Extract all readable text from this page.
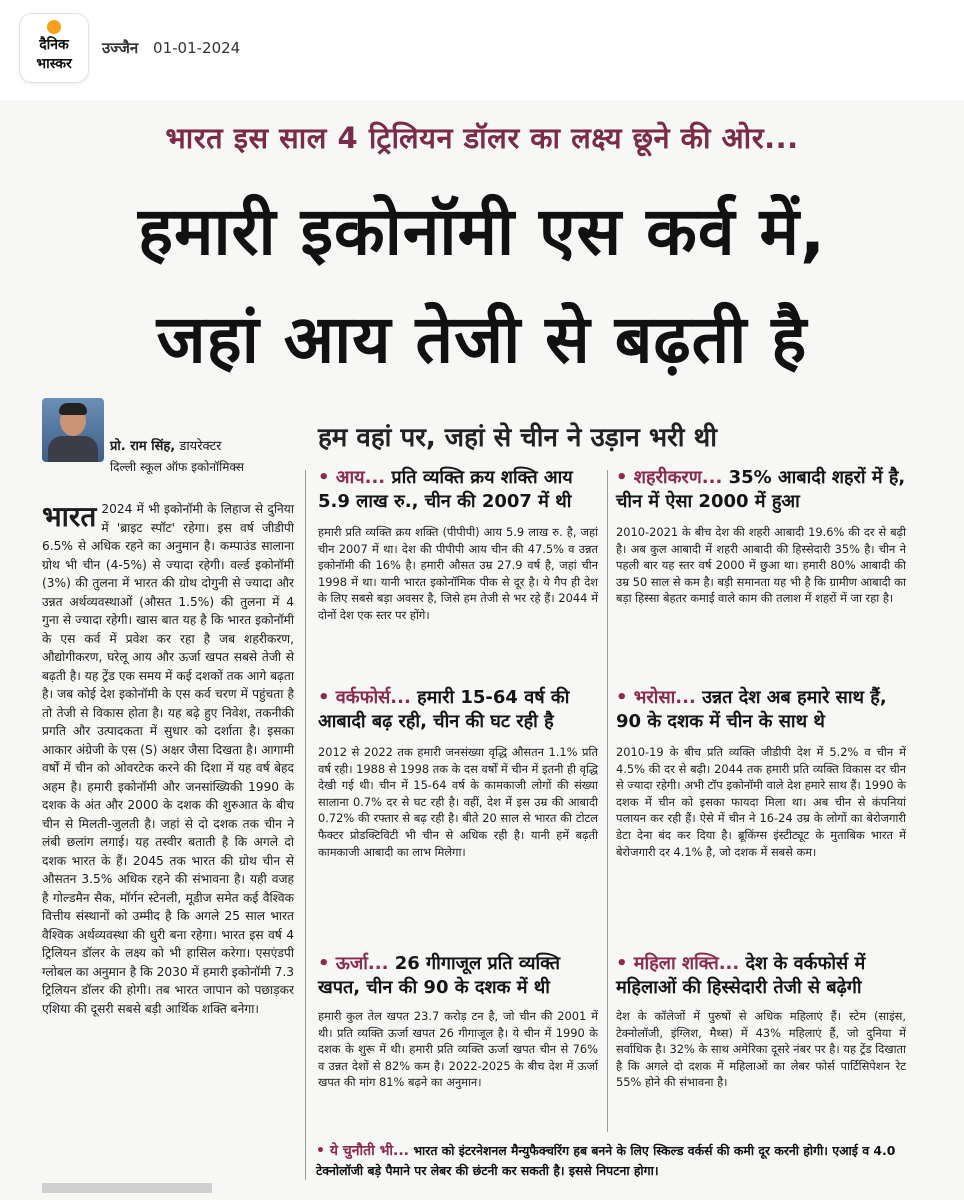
दैनिक
भास्कर
उज्जैन 01-01-2024
भारत इस साल 4 ट्रिलियन डॉलर का लक्ष्य छूने की ओर...
हमारी इकोनॉमी एस कर्व में,
जहां आय तेजी से बढ़ती है
प्रो. राम सिंह, डायरेक्टर
दिल्ली स्कूल ऑफ इकोनॉमिक्स
हम वहां पर, जहां से चीन ने उड़ान भरी थी
भारत 2024 में भी इकोनॉमी के लिहाज से दुनिया में 'ब्राइट स्पॉट' रहेगा। इस वर्ष जीडीपी 6.5% से अधिक रहने का अनुमान है। कम्पाउंड सालाना ग्रोथ भी चीन (4-5%) से ज्यादा रहेगी। वर्ल्ड इकोनॉमी (3%) की तुलना में भारत की ग्रोथ दोगुनी से ज्यादा और उन्नत अर्थव्यवस्थाओं (औसत 1.5%) की तुलना में 4 गुना से ज्यादा रहेगी। खास बात यह है कि भारत इकोनॉमी के एस कर्व में प्रवेश कर रहा है जब शहरीकरण, औद्योगीकरण, घरेलू आय और ऊर्जा खपत सबसे तेजी से बढ़ती है। यह ट्रेंड एक समय में कई दशकों तक आगे बढ़ता है। जब कोई देश इकोनॉमी के एस कर्व चरण में पहुंचता है तो तेजी से विकास होता है। यह बढ़े हुए निवेश, तकनीकी प्रगति और उत्पादकता में सुधार को दर्शाता है। इसका आकार अंग्रेजी के एस (S) अक्षर जैसा दिखता है। आगामी वर्षों में चीन को ओवरटेक करने की दिशा में यह वर्ष बेहद अहम है। हमारी इकोनॉमी और जनसांख्यिकी 1990 के दशक के अंत और 2000 के दशक की शुरुआत के बीच चीन से मिलती-जुलती है। जहां से दो दशक तक चीन ने लंबी छलांग लगाई। यह तस्वीर बताती है कि अगले दो दशक भारत के हैं। 2045 तक भारत की ग्रोथ चीन से औसतन 3.5% अधिक रहने की संभावना है। यही वजह है गोल्डमैन सैक, मॉर्गन स्टेनली, मूडीज समेत कई वैश्विक वित्तीय संस्थानों को उम्मीद है कि अगले 25 साल भारत वैश्विक अर्थव्यवस्था की धुरी बना रहेगा। भारत इस वर्ष 4 ट्रिलियन डॉलर के लक्ष्य को भी हासिल करेगा। एसएंडपी ग्लोबल का अनुमान है कि 2030 में हमारी इकोनॉमी 7.3 ट्रिलियन डॉलर की होगी। तब भारत जापान को पछाड़कर एशिया की दूसरी सबसे बड़ी आर्थिक शक्ति बनेगा।
• आय... प्रति व्यक्ति क्रय शक्ति आय 5.9 लाख रु., चीन की 2007 में थी
हमारी प्रति व्यक्ति क्रय शक्ति (पीपीपी) आय 5.9 लाख रु. है, जहां चीन 2007 में था। देश की पीपीपी आय चीन की 47.5% व उन्नत इकोनॉमी की 16% है। हमारी औसत उम्र 27.9 वर्ष है, जहां चीन 1998 में था। यानी भारत इकोनॉमिक पीक से दूर है। ये गैप ही देश के लिए सबसे बड़ा अवसर है, जिसे हम तेजी से भर रहे हैं। 2044 में दोनों देश एक स्तर पर होंगे।
• शहरीकरण... 35% आबादी शहरों में है, चीन में ऐसा 2000 में हुआ
2010-2021 के बीच देश की शहरी आबादी 19.6% की दर से बढ़ी है। अब कुल आबादी में शहरी आबादी की हिस्सेदारी 35% है। चीन ने पहली बार यह स्तर वर्ष 2000 में छुआ था। हमारी 80% आबादी की उम्र 50 साल से कम है। बड़ी समानता यह भी है कि ग्रामीण आबादी का बड़ा हिस्सा बेहतर कमाई वाले काम की तलाश में शहरों में जा रहा है।
• वर्कफोर्स... हमारी 15-64 वर्ष की आबादी बढ़ रही, चीन की घट रही है
2012 से 2022 तक हमारी जनसंख्या वृद्धि औसतन 1.1% प्रति वर्ष रही। 1988 से 1998 तक के दस वर्षों में चीन में इतनी ही वृद्धि देखी गई थी। चीन में 15-64 वर्ष के कामकाजी लोगों की संख्या सालाना 0.7% दर से घट रही है। वहीं, देश में इस उम्र की आबादी 0.72% की रफ्तार से बढ़ रही है। बीते 20 साल से भारत की टोटल फैक्टर प्रोडक्टिविटी भी चीन से अधिक रही है। यानी हमें बढ़ती कामकाजी आबादी का लाभ मिलेगा।
• भरोसा... उन्नत देश अब हमारे साथ हैं, 90 के दशक में चीन के साथ थे
2010-19 के बीच प्रति व्यक्ति जीडीपी देश में 5.2% व चीन में 4.5% की दर से बढ़ी। 2044 तक हमारी प्रति व्यक्ति विकास दर चीन से ज्यादा रहेगी। अभी टॉप इकोनॉमी वाले देश हमारे साथ हैं। 1990 के दशक में चीन को इसका फायदा मिला था। अब चीन से कंपनियां पलायन कर रही हैं। ऐसे में चीन ने 16-24 उम्र के लोगों का बेरोजगारी डेटा देना बंद कर दिया है। ब्रूकिंग्स इंस्टीट्यूट के मुताबिक भारत में बेरोजगारी दर 4.1% है, जो दशक में सबसे कम।
• ऊर्जा... 26 गीगाजूल प्रति व्यक्ति खपत, चीन की 90 के दशक में थी
हमारी कुल तेल खपत 23.7 करोड़ टन है, जो चीन की 2001 में थी। प्रति व्यक्ति ऊर्जा खपत 26 गीगाजूल है। ये चीन में 1990 के दशक के शुरू में थी। हमारी प्रति व्यक्ति ऊर्जा खपत चीन से 76% व उन्नत देशों से 82% कम है। 2022-2025 के बीच देश में ऊर्जा खपत की मांग 81% बढ़ने का अनुमान।
• महिला शक्ति... देश के वर्कफोर्स में महिलाओं की हिस्सेदारी तेजी से बढ़ेगी
देश के कॉलेजों में पुरुषों से अधिक महिलाएं हैं। स्टेम (साइंस, टेक्नोलॉजी, इंग्लिश, मैथ्स) में 43% महिलाएं हैं, जो दुनिया में सर्वाधिक है। 32% के साथ अमेरिका दूसरे नंबर पर है। यह ट्रेंड दिखाता है कि अगले दो दशक में महिलाओं का लेबर फोर्स पार्टिसिपेशन रेट 55% होने की संभावना है।
• ये चुनौती भी... भारत को इंटरनेशनल मैन्युफैक्चरिंग हब बनने के लिए स्किल्ड वर्कर्स की कमी दूर करनी होगी। एआई व 4.0 टेक्नोलॉजी बड़े पैमाने पर लेबर की छंटनी कर सकती है। इससे निपटना होगा।
